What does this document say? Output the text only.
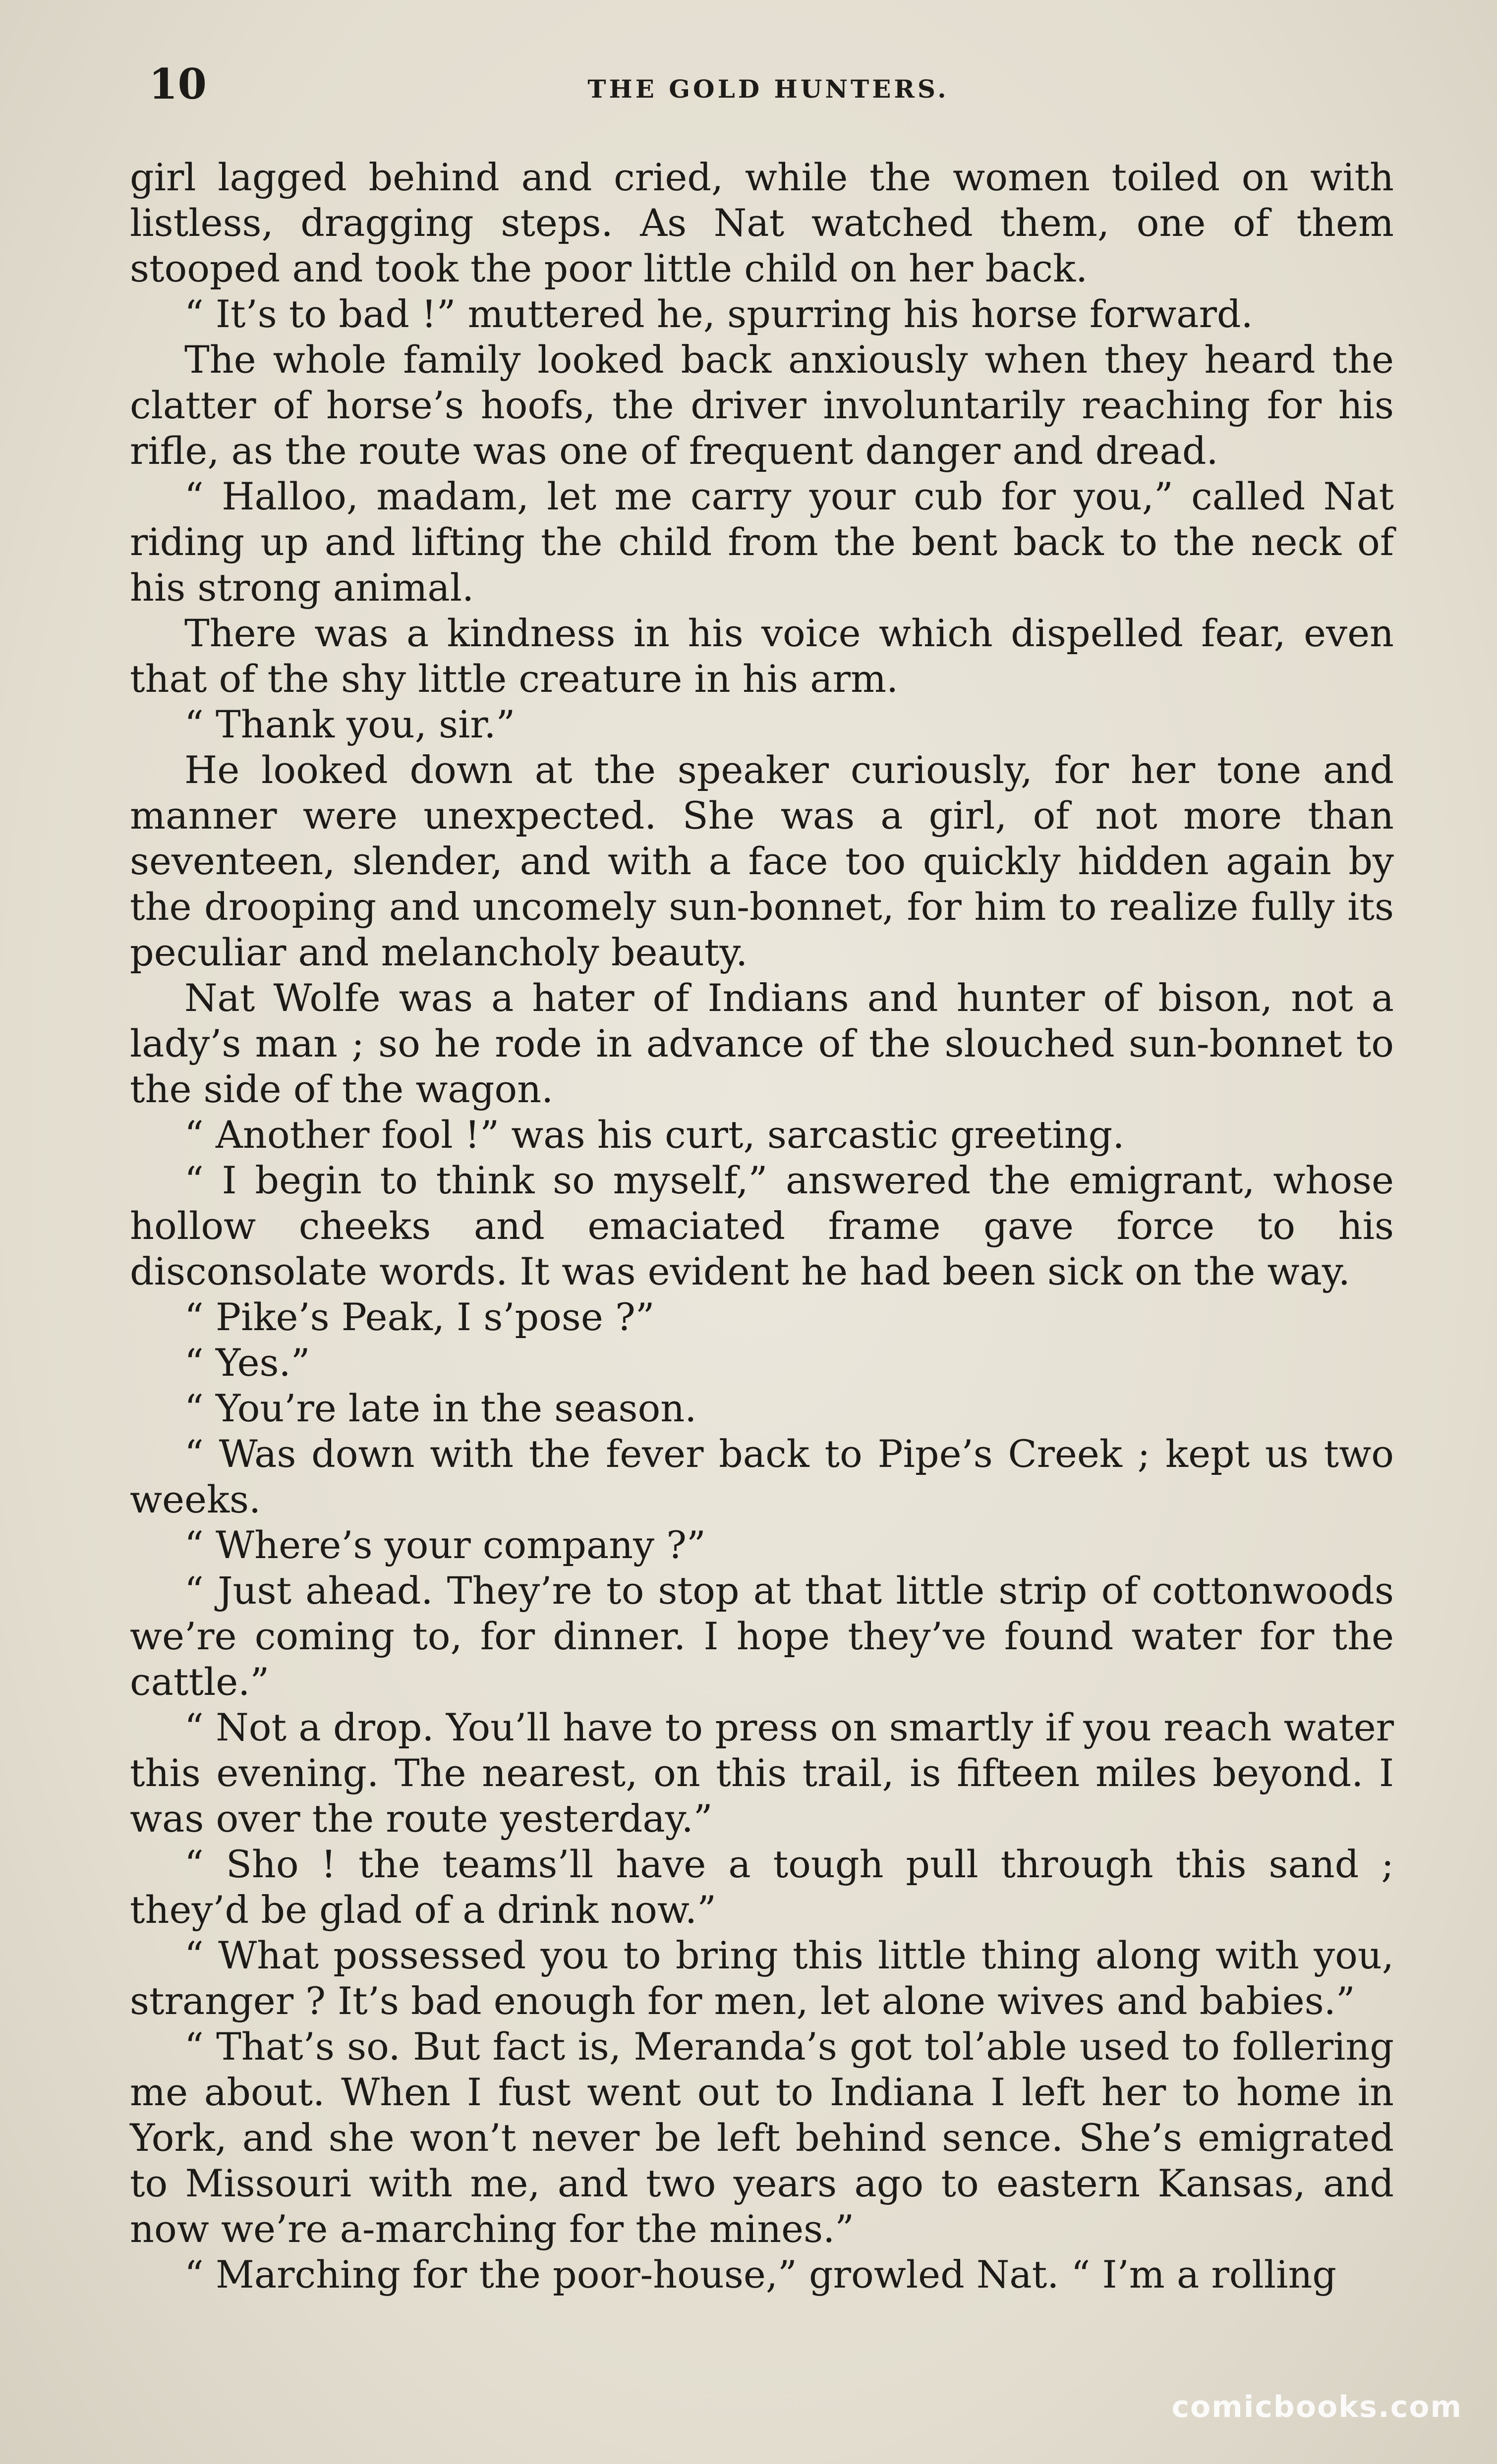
10	THE GOLD HUNTERS.

girl lagged behind and cried, while the women toiled on with listless, dragging steps. As Nat watched them, one of them stooped and took the poor little child on her back.

“ It’s to bad !” muttered he, spurring his horse forward.

The whole family looked back anxiously when they heard the clatter of horse’s hoofs, the driver involuntarily reaching for his rifle, as the route was one of frequent danger and dread.

“ Halloo, madam, let me carry your cub for you,” called Nat riding up and lifting the child from the bent back to the neck of his strong animal.

There was a kindness in his voice which dispelled fear, even that of the shy little creature in his arm.

“ Thank you, sir.”

He looked down at the speaker curiously, for her tone and manner were unexpected. She was a girl, of not more than seventeen, slender, and with a face too quickly hidden again by the drooping and uncomely sun-bonnet, for him to realize fully its peculiar and melancholy beauty.

Nat Wolfe was a hater of Indians and hunter of bison, not a lady’s man ; so he rode in advance of the slouched sun-bonnet to the side of the wagon.

“ Another fool !” was his curt, sarcastic greeting.

“ I begin to think so myself,” answered the emigrant, whose hollow cheeks and emaciated frame gave force to his disconsolate words. It was evident he had been sick on the way.

“ Pike’s Peak, I s’pose ?”

“ Yes.”

“ You’re late in the season.

“ Was down with the fever back to Pipe’s Creek ; kept us two weeks.

“ Where’s your company ?”

“ Just ahead. They’re to stop at that little strip of cottonwoods we’re coming to, for dinner. I hope they’ve found water for the cattle.”

“ Not a drop. You’ll have to press on smartly if you reach water this evening. The nearest, on this trail, is fifteen miles beyond. I was over the route yesterday.”

“ Sho ! the teams’ll have a tough pull through this sand ; they’d be glad of a drink now.”

“ What possessed you to bring this little thing along with you, stranger ? It’s bad enough for men, let alone wives and babies.”

“ That’s so. But fact is, Meranda’s got tol’able used to follering me about. When I fust went out to Indiana I left her to home in York, and she won’t never be left behind sence. She’s emigrated to Missouri with me, and two years ago to eastern Kansas, and now we’re a-marching for the mines.”

“ Marching for the poor-house,” growled Nat. “ I’m a rolling

comicbooks.com
